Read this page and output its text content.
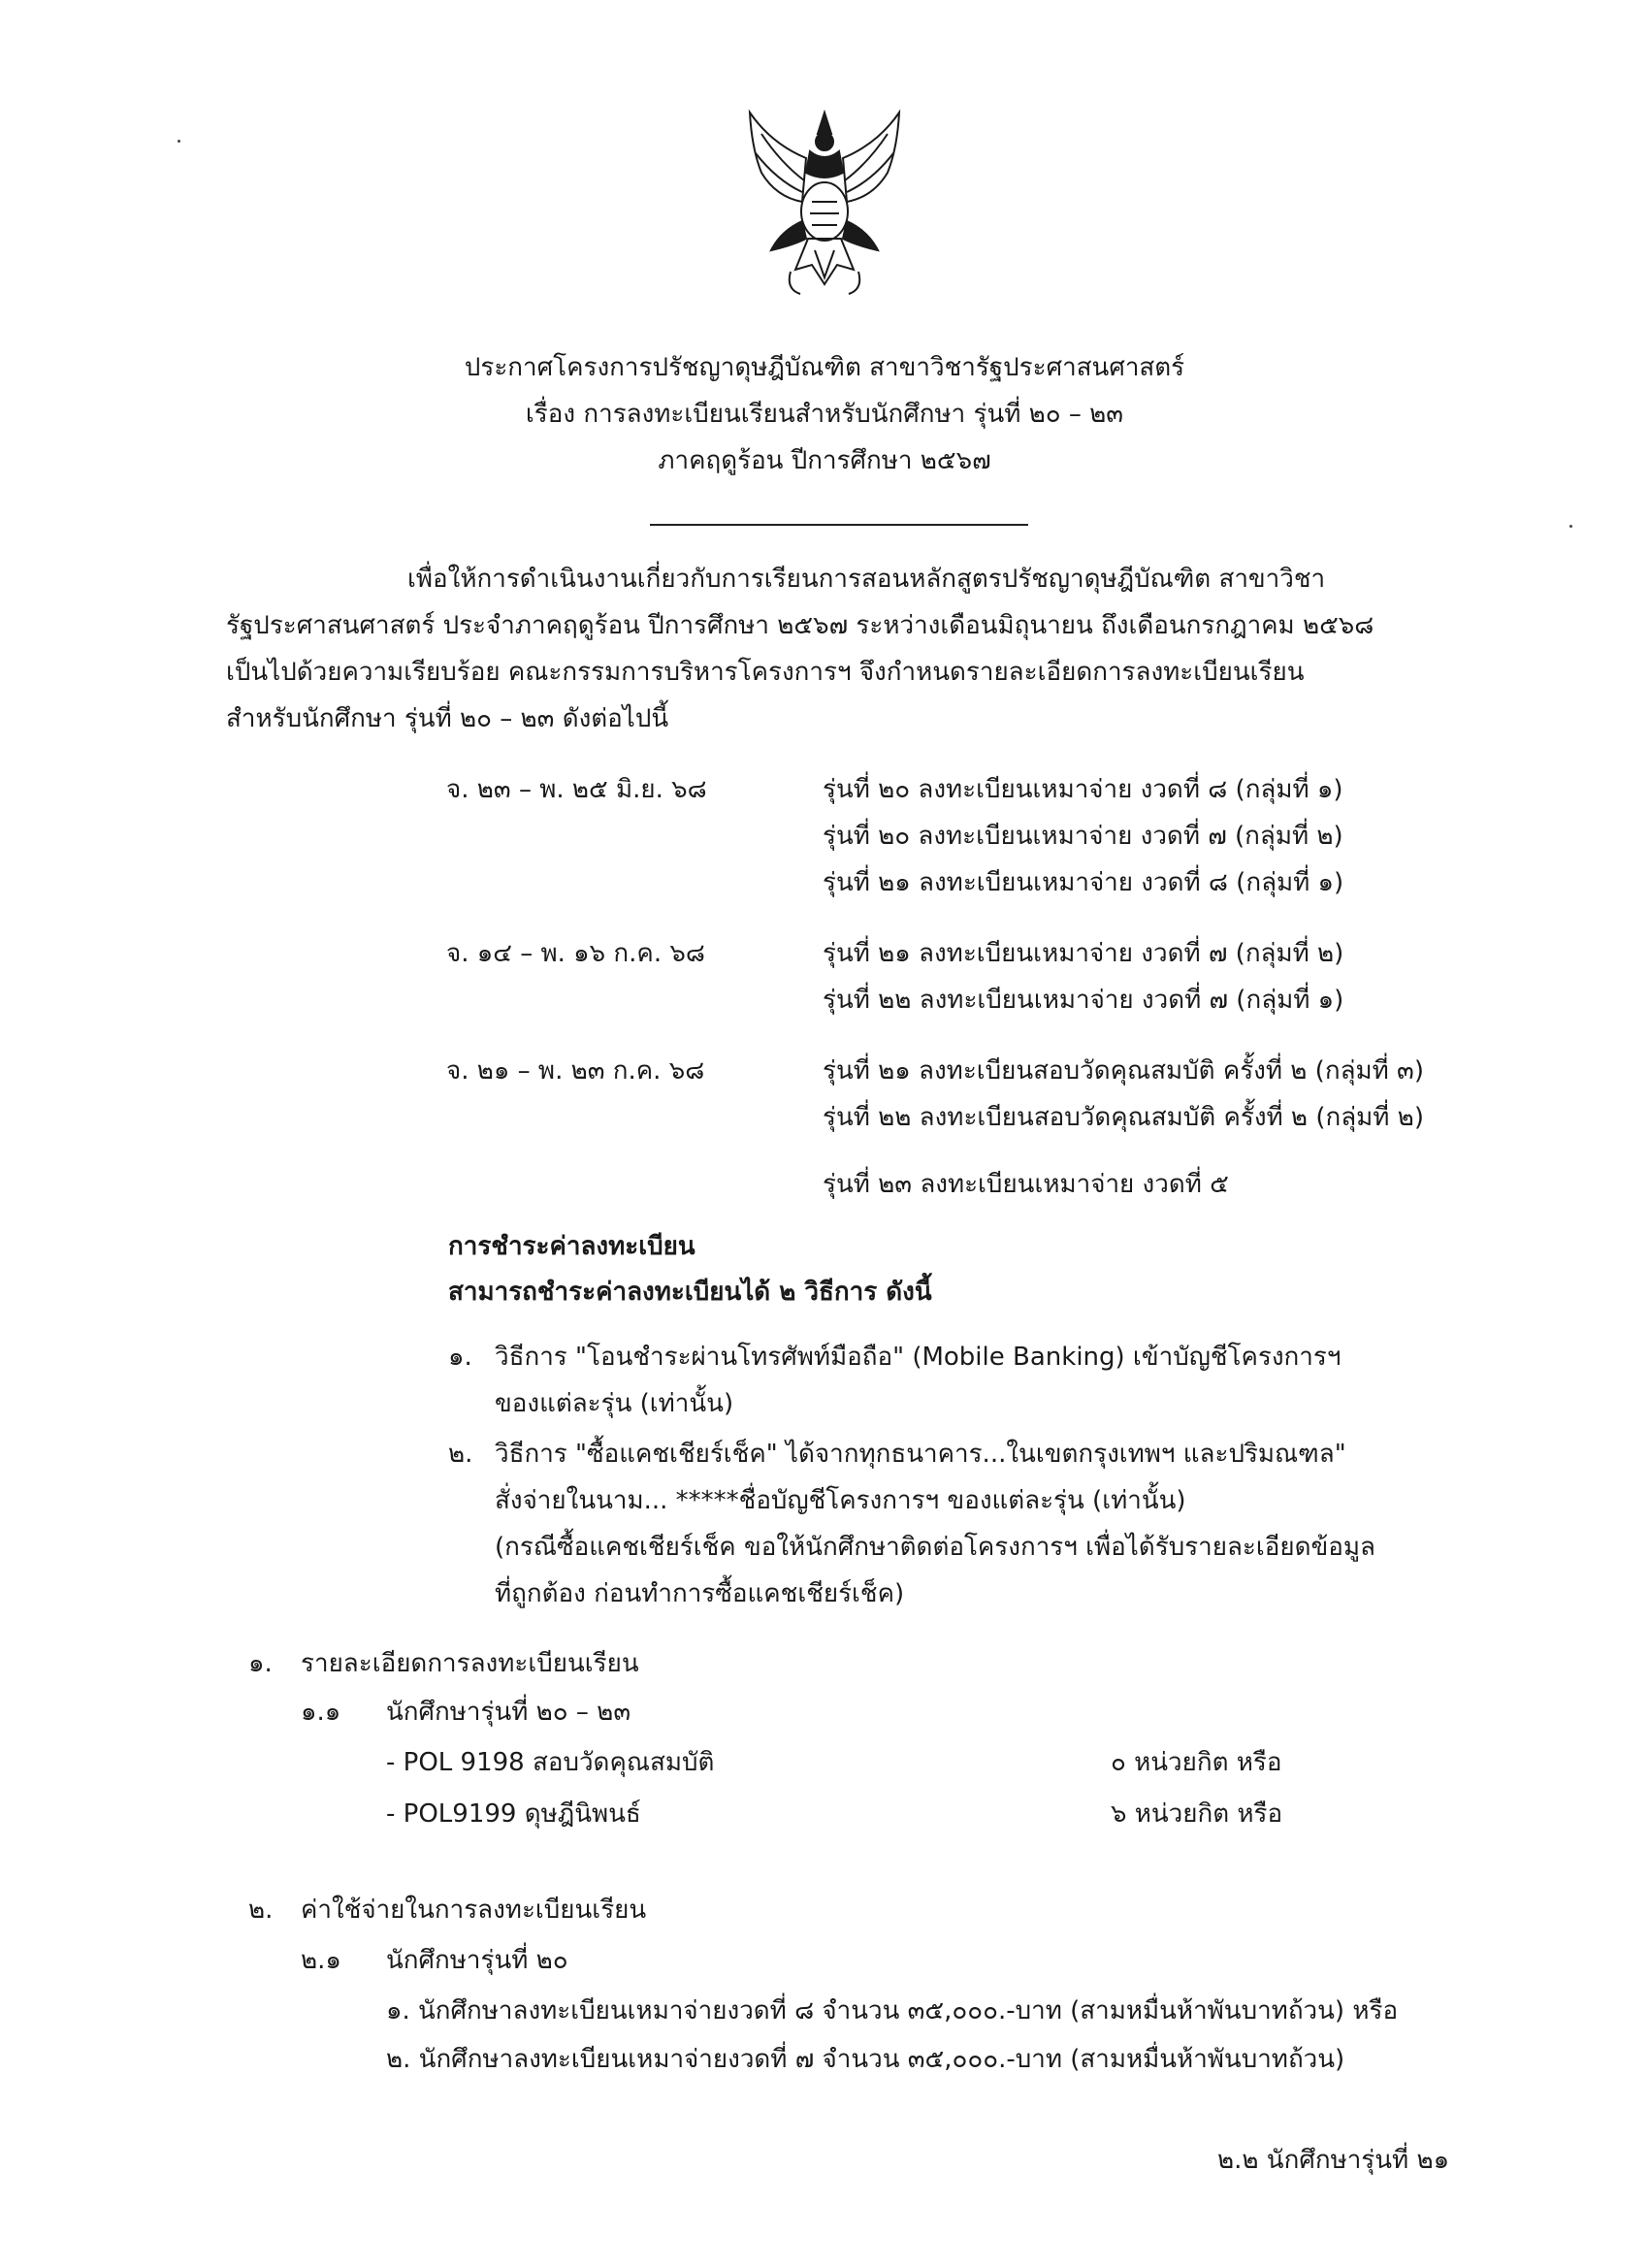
ประกาศโครงการปรัชญาดุษฎีบัณฑิต สาขาวิชารัฐประศาสนศาสตร์
เรื่อง การลงทะเบียนเรียนสำหรับนักศึกษา รุ่นที่ ๒๐ – ๒๓
ภาคฤดูร้อน ปีการศึกษา ๒๕๖๗
เพื่อให้การดำเนินงานเกี่ยวกับการเรียนการสอนหลักสูตรปรัชญาดุษฎีบัณฑิต สาขาวิชา
รัฐประศาสนศาสตร์ ประจำภาคฤดูร้อน ปีการศึกษา ๒๕๖๗ ระหว่างเดือนมิถุนายน ถึงเดือนกรกฎาคม ๒๕๖๘
เป็นไปด้วยความเรียบร้อย คณะกรรมการบริหารโครงการฯ จึงกำหนดรายละเอียดการลงทะเบียนเรียน
สำหรับนักศึกษา รุ่นที่ ๒๐ – ๒๓ ดังต่อไปนี้
จ. ๒๓ – พ. ๒๕ มิ.ย. ๖๘	รุ่นที่ ๒๐ ลงทะเบียนเหมาจ่าย งวดที่ ๘ (กลุ่มที่ ๑)
รุ่นที่ ๒๐ ลงทะเบียนเหมาจ่าย งวดที่ ๗ (กลุ่มที่ ๒)
รุ่นที่ ๒๑ ลงทะเบียนเหมาจ่าย งวดที่ ๘ (กลุ่มที่ ๑)
จ. ๑๔ – พ. ๑๖ ก.ค. ๖๘	รุ่นที่ ๒๑ ลงทะเบียนเหมาจ่าย งวดที่ ๗ (กลุ่มที่ ๒)
รุ่นที่ ๒๒ ลงทะเบียนเหมาจ่าย งวดที่ ๗ (กลุ่มที่ ๑)
จ. ๒๑ – พ. ๒๓ ก.ค. ๖๘	รุ่นที่ ๒๑ ลงทะเบียนสอบวัดคุณสมบัติ ครั้งที่ ๒ (กลุ่มที่ ๓)
รุ่นที่ ๒๒ ลงทะเบียนสอบวัดคุณสมบัติ ครั้งที่ ๒ (กลุ่มที่ ๒)
รุ่นที่ ๒๓ ลงทะเบียนเหมาจ่าย งวดที่ ๕
การชำระค่าลงทะเบียน
สามารถชำระค่าลงทะเบียนได้ ๒ วิธีการ ดังนี้
๑. วิธีการ "โอนชำระผ่านโทรศัพท์มือถือ" (Mobile Banking) เข้าบัญชีโครงการฯ
ของแต่ละรุ่น (เท่านั้น)
๒. วิธีการ "ซื้อแคชเชียร์เช็ค" ได้จากทุกธนาคาร...ในเขตกรุงเทพฯ และปริมณฑล"
สั่งจ่ายในนาม... *****ชื่อบัญชีโครงการฯ ของแต่ละรุ่น (เท่านั้น)
(กรณีซื้อแคชเชียร์เช็ค ขอให้นักศึกษาติดต่อโครงการฯ เพื่อได้รับรายละเอียดข้อมูล
ที่ถูกต้อง ก่อนทำการซื้อแคชเชียร์เช็ค)
๑. รายละเอียดการลงทะเบียนเรียน
๑.๑ นักศึกษารุ่นที่ ๒๐ – ๒๓
- POL 9198 สอบวัดคุณสมบัติ	๐ หน่วยกิต หรือ
- POL9199 ดุษฎีนิพนธ์	๖ หน่วยกิต หรือ
๒. ค่าใช้จ่ายในการลงทะเบียนเรียน
๒.๑ นักศึกษารุ่นที่ ๒๐
๑. นักศึกษาลงทะเบียนเหมาจ่ายงวดที่ ๘ จำนวน ๓๕,๐๐๐.-บาท (สามหมื่นห้าพันบาทถ้วน) หรือ
๒. นักศึกษาลงทะเบียนเหมาจ่ายงวดที่ ๗ จำนวน ๓๕,๐๐๐.-บาท (สามหมื่นห้าพันบาทถ้วน)
๒.๒ นักศึกษารุ่นที่ ๒๑
